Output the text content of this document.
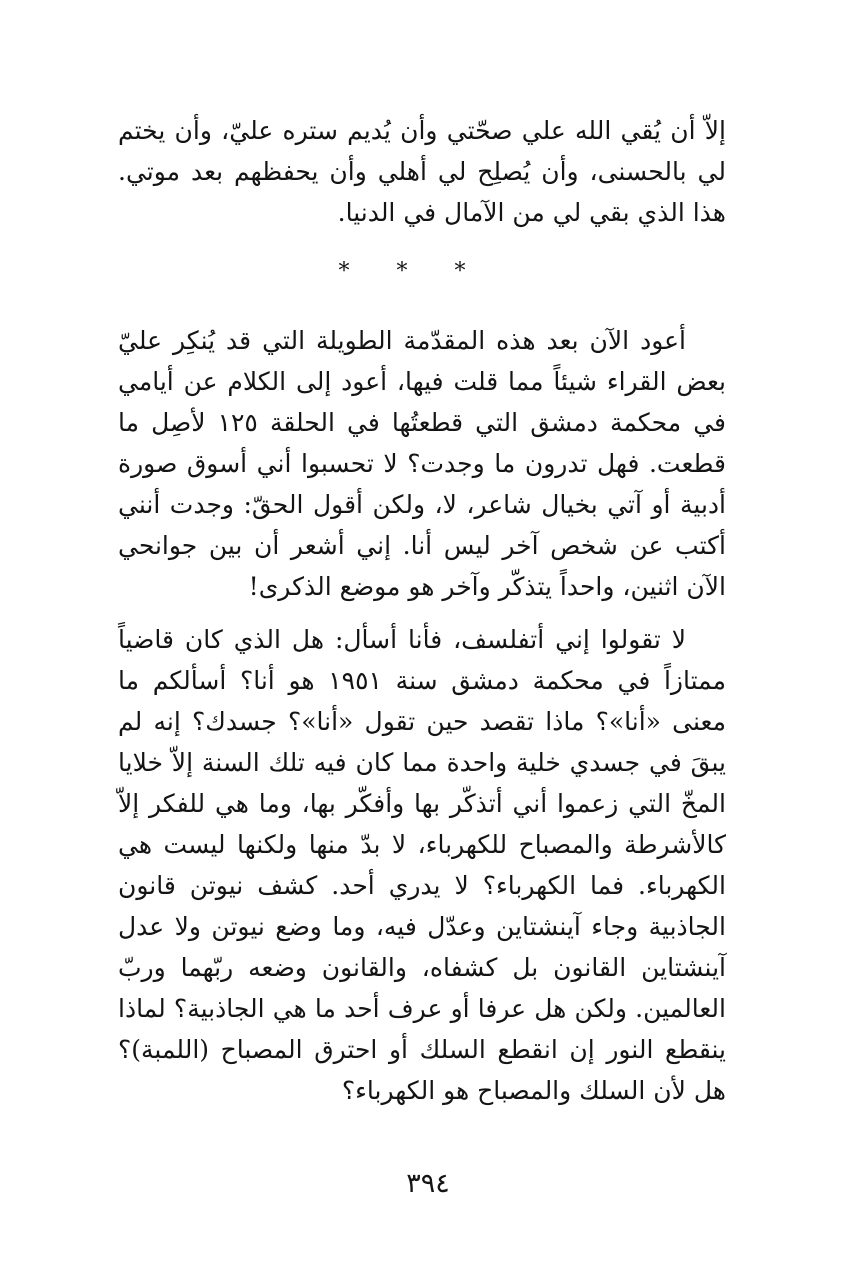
إلاّ أن يُقي الله علي صحّتي وأن يُديم ستره عليّ، وأن يختم لي بالحسنى، وأن يُصلِح لي أهلي وأن يحفظهم بعد موتي. هذا الذي بقي لي من الآمال في الدنيا.

* * *

أعود الآن بعد هذه المقدّمة الطويلة التي قد يُنكِر عليّ بعض القراء شيئاً مما قلت فيها، أعود إلى الكلام عن أيامي في محكمة دمشق التي قطعتُها في الحلقة ١٢٥ لأصِل ما قطعت. فهل تدرون ما وجدت؟ لا تحسبوا أني أسوق صورة أدبية أو آتي بخيال شاعر، لا، ولكن أقول الحقّ: وجدت أنني أكتب عن شخص آخر ليس أنا. إني أشعر أن بين جوانحي الآن اثنين، واحداً يتذكّر وآخر هو موضع الذكرى!

لا تقولوا إني أتفلسف، فأنا أسأل: هل الذي كان قاضياً ممتازاً في محكمة دمشق سنة ١٩٥١ هو أنا؟ أسألكم ما معنى «أنا»؟ ماذا تقصد حين تقول «أنا»؟ جسدك؟ إنه لم يبقَ في جسدي خلية واحدة مما كان فيه تلك السنة إلاّ خلايا المخّ التي زعموا أني أتذكّر بها وأفكّر بها، وما هي للفكر إلاّ كالأشرطة والمصباح للكهرباء، لا بدّ منها ولكنها ليست هي الكهرباء. فما الكهرباء؟ لا يدري أحد. كشف نيوتن قانون الجاذبية وجاء آينشتاين وعدّل فيه، وما وضع نيوتن ولا عدل آينشتاين القانون بل كشفاه، والقانون وضعه ربّهما وربّ العالمين. ولكن هل عرفا أو عرف أحد ما هي الجاذبية؟ لماذا ينقطع النور إن انقطع السلك أو احترق المصباح (اللمبة)؟ هل لأن السلك والمصباح هو الكهرباء؟

٣٩٤
